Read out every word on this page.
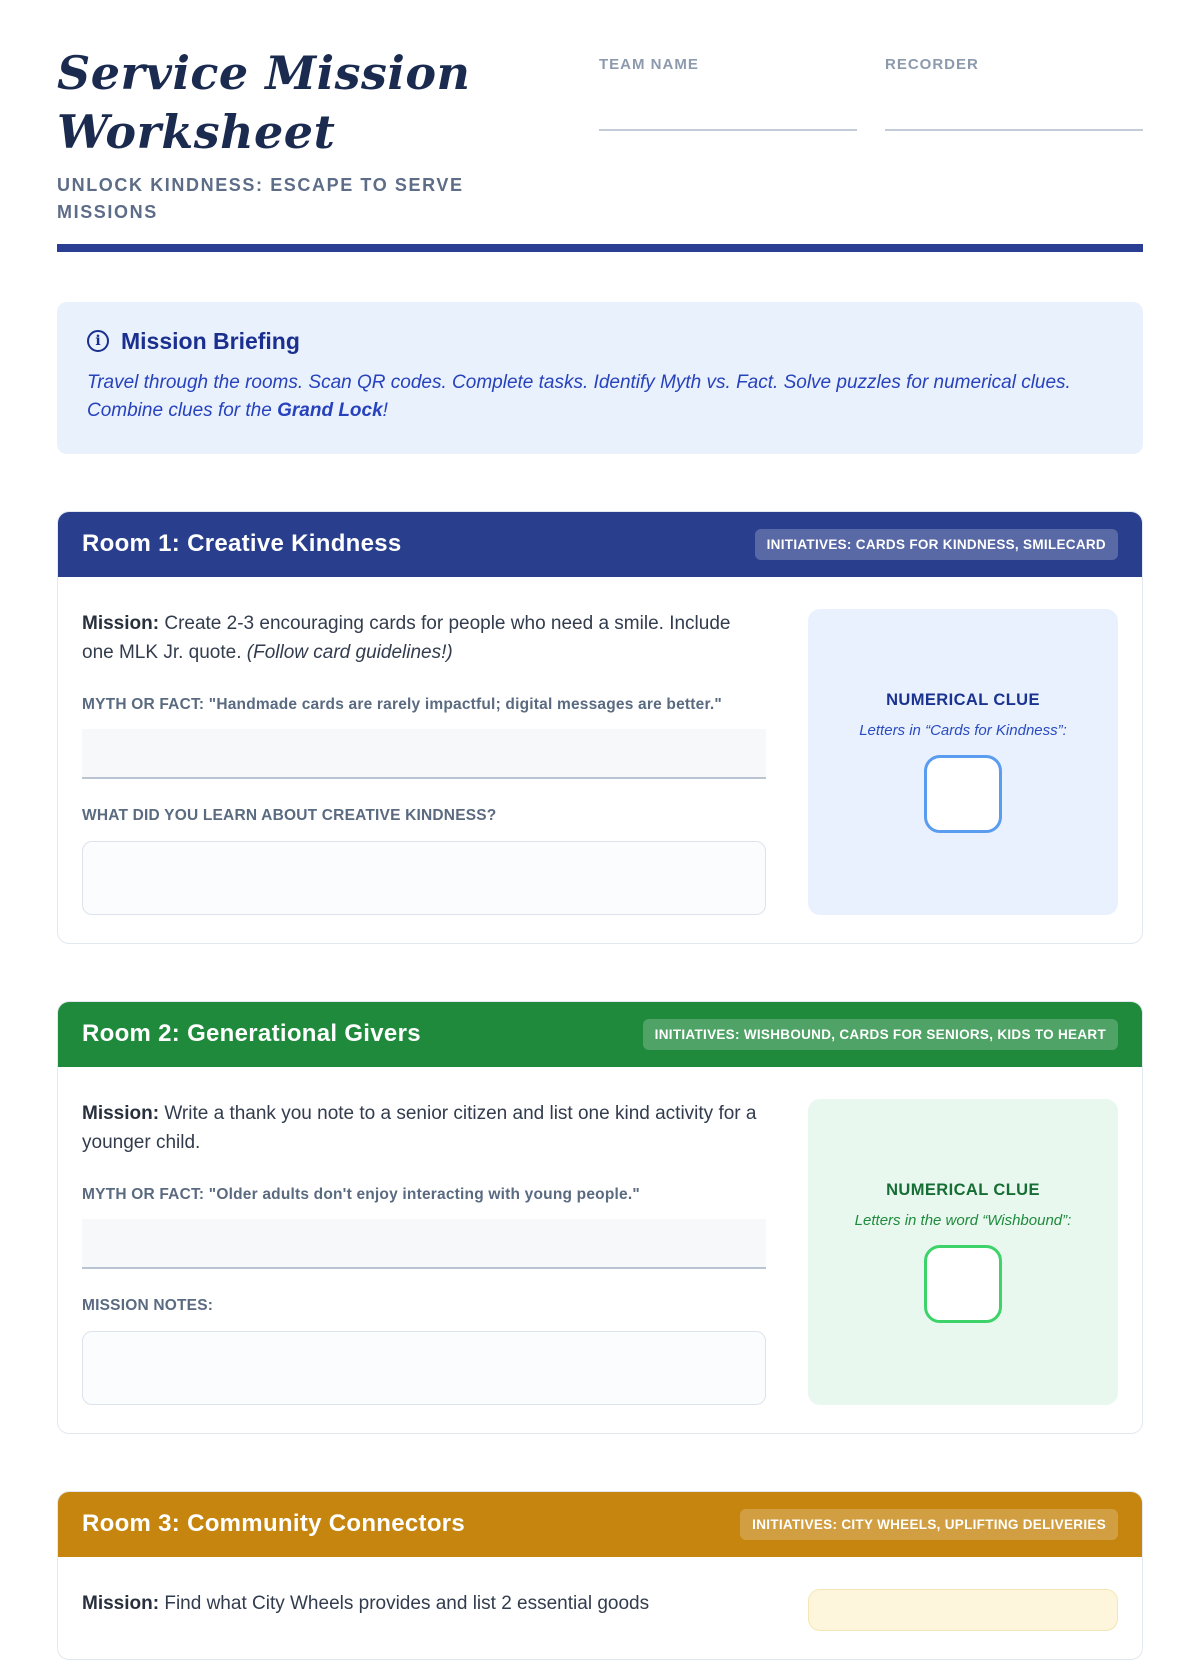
Service Mission Worksheet
UNLOCK KINDNESS: ESCAPE TO SERVE MISSIONS
TEAM NAME	RECORDER
i Mission Briefing
Travel through the rooms. Scan QR codes. Complete tasks. Identify Myth vs. Fact. Solve puzzles for numerical clues. Combine clues for the Grand Lock!
Room 1: Creative Kindness	INITIATIVES: CARDS FOR KINDNESS, SMILECARD

Mission: Create 2-3 encouraging cards for people who need a smile. Include one MLK Jr. quote. (Follow card guidelines!)

MYTH OR FACT: "Handmade cards are rarely impactful; digital messages are better."
WHAT DID YOU LEARN ABOUT CREATIVE KINDNESS?
NUMERICAL CLUE
Letters in “Cards for Kindness”:
Room 2: Generational Givers	INITIATIVES: WISHBOUND, CARDS FOR SENIORS, KIDS TO HEART

Mission: Write a thank you note to a senior citizen and list one kind activity for a younger child.

MYTH OR FACT: "Older adults don't enjoy interacting with young people."
MISSION NOTES:
NUMERICAL CLUE
Letters in the word “Wishbound”:
Room 3: Community Connectors	INITIATIVES: CITY WHEELS, UPLIFTING DELIVERIES

Mission: Find what City Wheels provides and list 2 essential goods
